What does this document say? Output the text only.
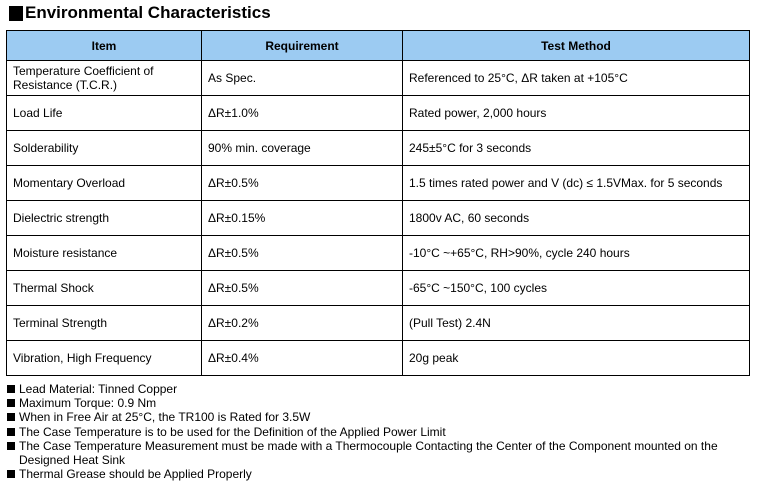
Environmental Characteristics
Item	Requirement	Test Method
Temperature Coefficient of Resistance (T.C.R.)	As Spec.	Referenced to 25°C, ΔR taken at +105°C
Load Life	ΔR±1.0%	Rated power, 2,000 hours
Solderability	90% min. coverage	245±5°C for 3 seconds
Momentary Overload	ΔR±0.5%	1.5 times rated power and V (dc) ≤ 1.5VMax. for 5 seconds
Dielectric strength	ΔR±0.15%	1800v AC, 60 seconds
Moisture resistance	ΔR±0.5%	-10°C ~+65°C, RH>90%, cycle 240 hours
Thermal Shock	ΔR±0.5%	-65°C ~150°C, 100 cycles
Terminal Strength	ΔR±0.2%	(Pull Test) 2.4N
Vibration, High Frequency	ΔR±0.4%	20g peak
Lead Material: Tinned Copper
Maximum Torque: 0.9 Nm
When in Free Air at 25°C, the TR100 is Rated for 3.5W
The Case Temperature is to be used for the Definition of the Applied Power Limit
The Case Temperature Measurement must be made with a Thermocouple Contacting the Center of the Component mounted on the Designed Heat Sink
Thermal Grease should be Applied Properly
